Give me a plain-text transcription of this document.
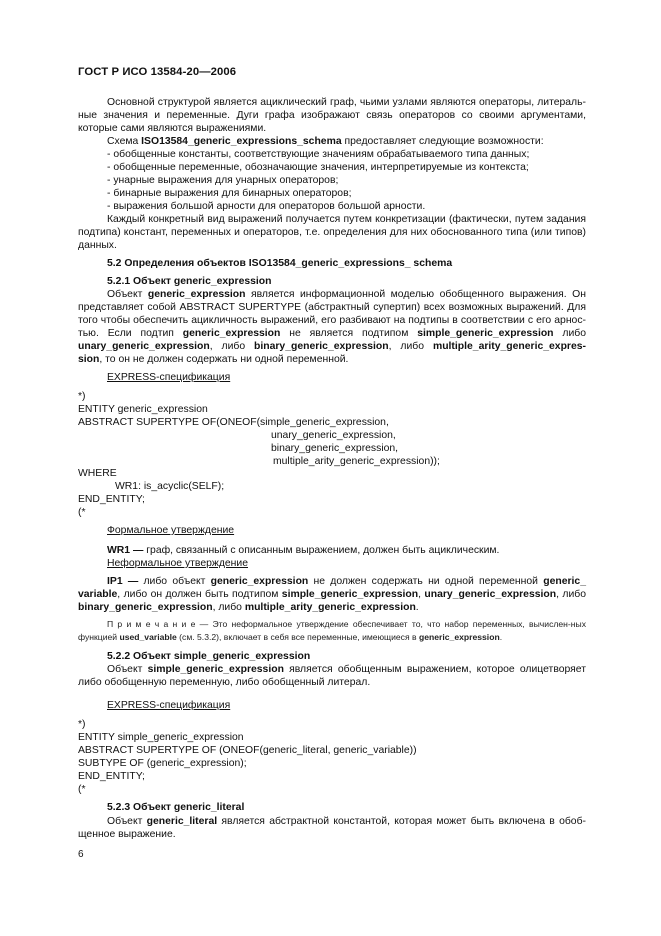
ГОСТ Р ИСО 13584-20—2006
Основной структурой является ациклический граф, чьими узлами являются операторы, литераль-ные значения и переменные. Дуги графа изображают связь операторов со своими аргументами, которые сами являются выражениями.
Схема ISO13584_generic_expressions_schema предоставляет следующие возможности:
- обобщенные константы, соответствующие значениям обрабатываемого типа данных;
- обобщенные переменные, обозначающие значения, интерпретируемые из контекста;
- унарные выражения для унарных операторов;
- бинарные выражения для бинарных операторов;
- выражения большой арности для операторов большой арности.
Каждый конкретный вид выражений получается путем конкретизации (фактически, путем задания подтипа) констант, переменных и операторов, т.е. определения для них обоснованного типа (или типов) данных.
5.2 Определения объектов ISO13584_generic_expressions_ schema
5.2.1 Объект generic_expression
Объект generic_expression является информационной моделью обобщенного выражения. Он представляет собой ABSTRACT SUPERTYPE (абстрактный супертип) всех возможных выражений. Для того чтобы обеспечить ацикличность выражений, его разбивают на подтипы в соответствии с его арнос-тью. Если подтип generic_expression не является подтипом simple_generic_expression либо unary_generic_expression, либо binary_generic_expression, либо multiple_arity_generic_expres-sion, то он не должен содержать ни одной переменной.
EXPRESS-спецификация
*)
ENTITY generic_expression
ABSTRACT SUPERTYPE OF(ONEOF(simple_generic_expression,
unary_generic_expression,
binary_generic_expression,
multiple_arity_generic_expression));
WHERE
WR1: is_acyclic(SELF);
END_ENTITY;
(*
Формальное утверждение
WR1 — граф, связанный с описанным выражением, должен быть ациклическим.
Неформальное утверждение
IP1 — либо объект generic_expression не должен содержать ни одной переменной generic_ variable, либо он должен быть подтипом simple_generic_expression, unary_generic_expression, либо binary_generic_expression, либо multiple_arity_generic_expression.
П р и м е ч а н и е — Это неформальное утверждение обеспечивает то, что набор переменных, вычислен-ных функцией used_variable (см. 5.3.2), включает в себя все переменные, имеющиеся в generic_expression.
5.2.2 Объект simple_generic_expression
Объект simple_generic_expression является обобщенным выражением, которое олицетворяет либо обобщенную переменную, либо обобщенный литерал.
EXPRESS-спецификация
*)
ENTITY simple_generic_expression
ABSTRACT SUPERTYPE OF (ONEOF(generic_literal, generic_variable))
SUBTYPE OF (generic_expression);
END_ENTITY;
(*
5.2.3 Объект generic_literal
Объект generic_literal является абстрактной константой, которая может быть включена в обоб-щенное выражение.
6
